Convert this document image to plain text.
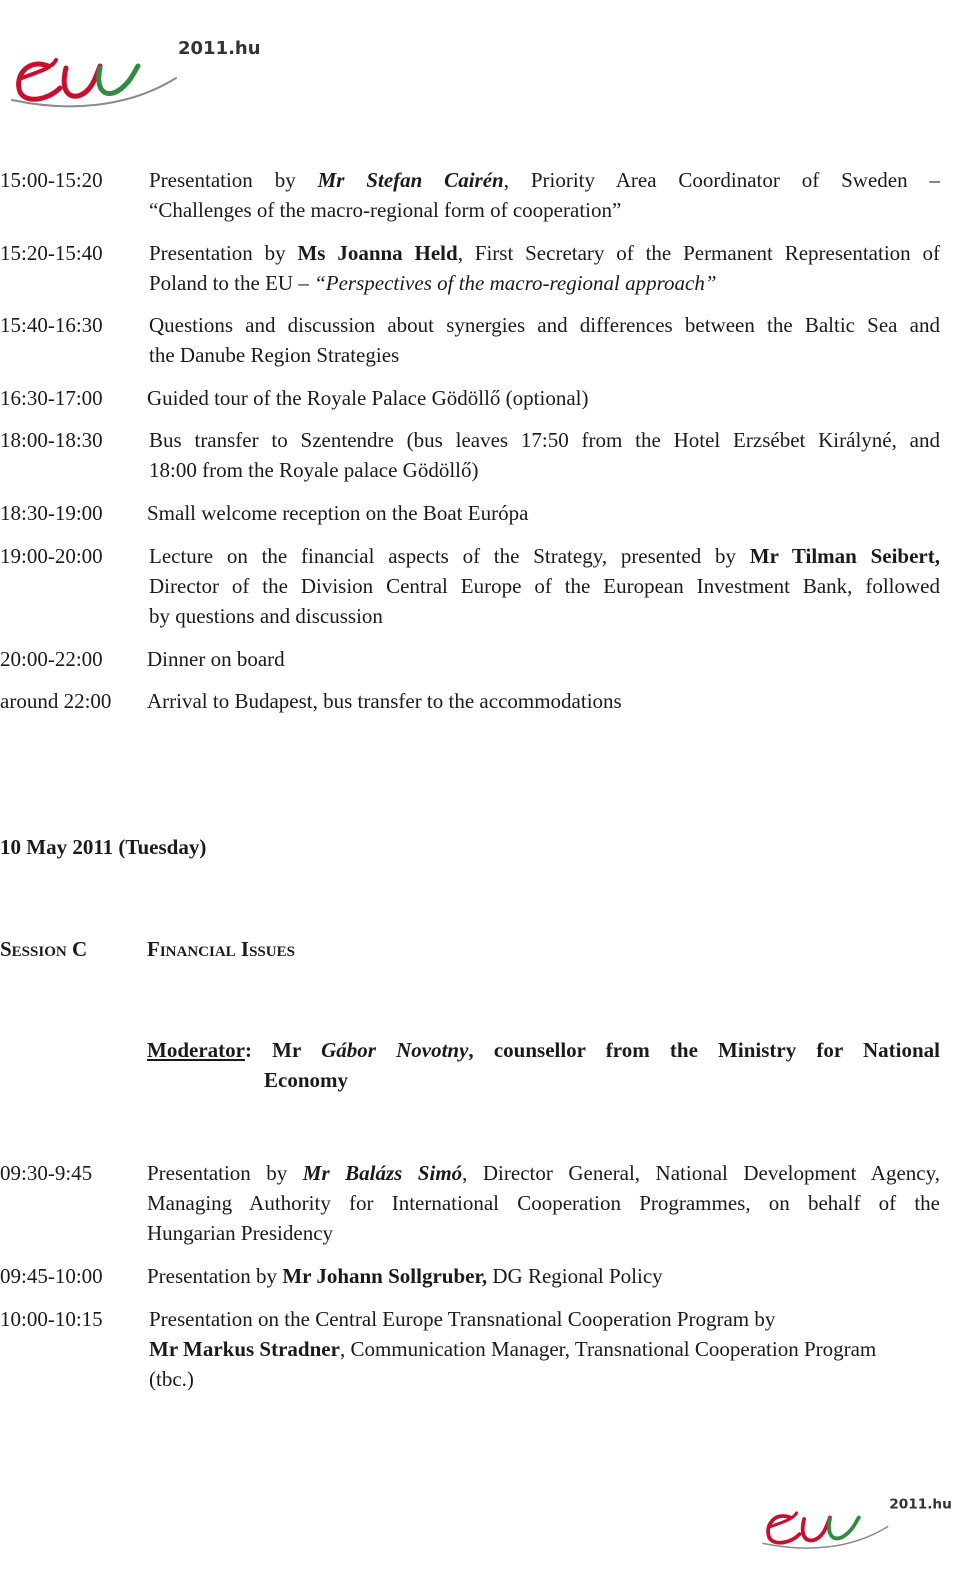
2011.hu
15:00-15:20 Presentation by Mr Stefan Cairén, Priority Area Coordinator of Sweden –
“Challenges of the macro-regional form of cooperation”
15:20-15:40 Presentation by Ms Joanna Held, First Secretary of the Permanent Representation of
Poland to the EU – “Perspectives of the macro-regional approach”
15:40-16:30 Questions and discussion about synergies and differences between the Baltic Sea and
the Danube Region Strategies
16:30-17:00 Guided tour of the Royale Palace Gödöllő (optional)
18:00-18:30 Bus transfer to Szentendre (bus leaves 17:50 from the Hotel Erzsébet Királyné, and
18:00 from the Royale palace Gödöllő)
18:30-19:00 Small welcome reception on the Boat Európa
19:00-20:00 Lecture on the financial aspects of the Strategy, presented by Mr Tilman Seibert,
Director of the Division Central Europe of the European Investment Bank, followed
by questions and discussion
20:00-22:00 Dinner on board
around 22:00 Arrival to Budapest, bus transfer to the accommodations
10 May 2011 (Tuesday)
Session C	Financial Issues
Moderator: Mr Gábor Novotny, counsellor from the Ministry for National
Economy
09:30-9:45	Presentation by Mr Balázs Simó, Director General, National Development Agency,
Managing Authority for International Cooperation Programmes, on behalf of the
Hungarian Presidency
09:45-10:00 Presentation by Mr Johann Sollgruber, DG Regional Policy
10:00-10:15 Presentation on the Central Europe Transnational Cooperation Program by
Mr Markus Stradner, Communication Manager, Transnational Cooperation Program
(tbc.)
2011.hu
